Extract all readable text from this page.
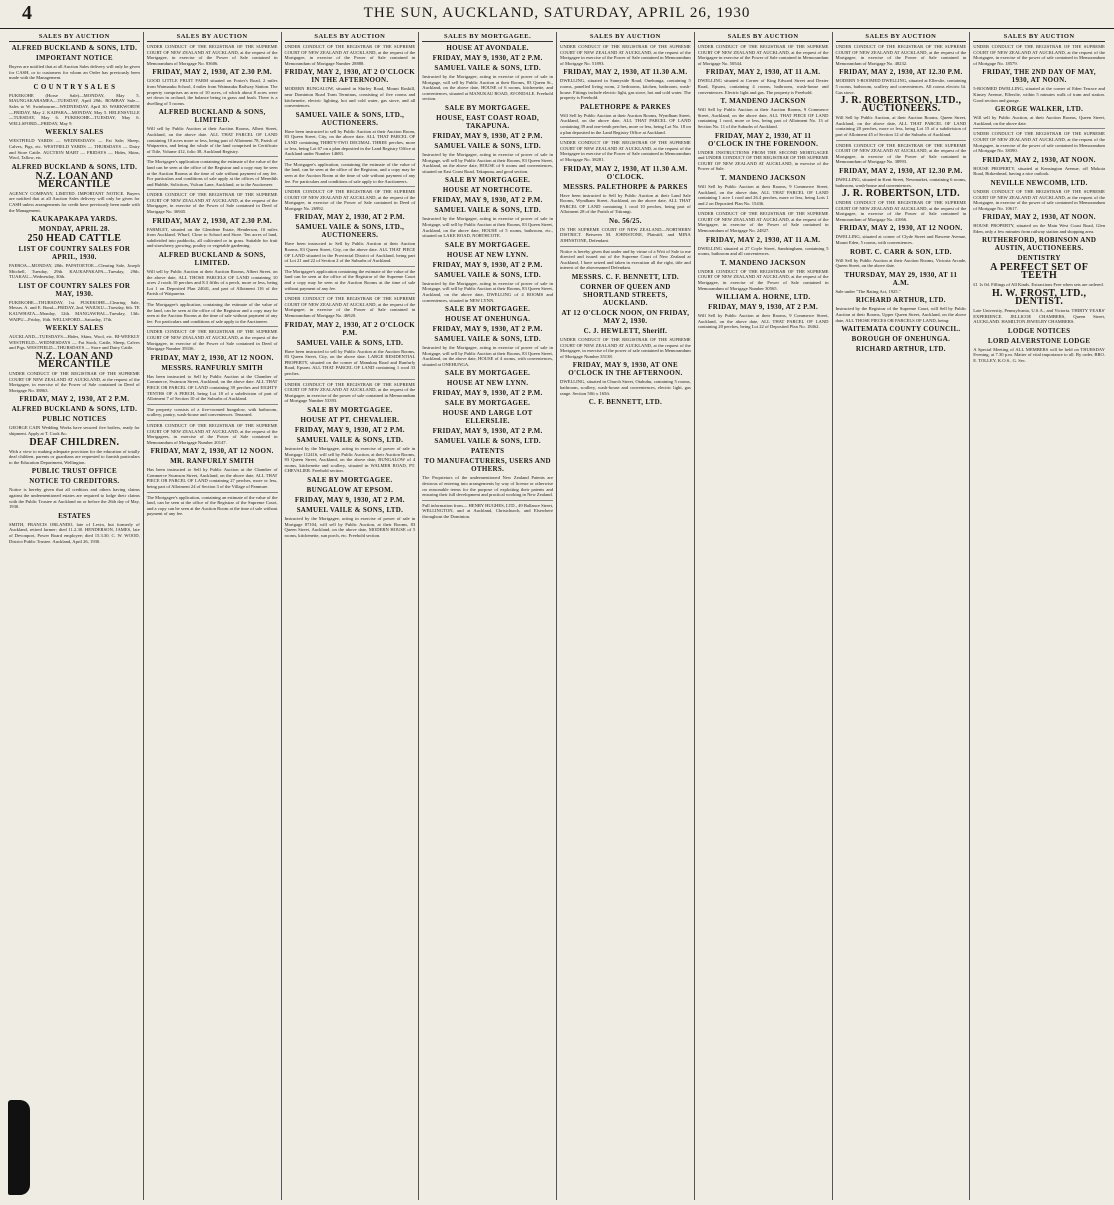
4	THE SUN, AUCKLAND, SATURDAY, APRIL 26, 1930
SALES BY AUCTION
ALFRED BUCKLAND & SONS, LTD.
IMPORTANT NOTICE
Buyers are notified that at all Auction Sales delivery will only be given for CASH, or to customers for whom an Order has previously been made with the Management.
C O U N T R Y S A L E S
PUKEKOHE (Horse Sale)—MONDAY, May 5. MAUNGAKARAMEA—TUESDAY, April 29th. BOMBAY Sale—Sales to W. Swinbourne—WEDNESDAY, April 30. WARKWORTH—FRIDAY, May 2. KAIPARA—MONDAY, May 5. HELENSVILLE—TUESDAY, May 6. PUKEKOHE—TUESDAY, May 6. WELLSFORD—FRIDAY, May 9.
WEEKLY SALES
WESTFIELD YARDS — WEDNESDAYS — Fat Sale; Sheep, Calves, Pigs, etc. WESTFIELD YARDS — THURSDAYS — Dairy and Store Cattle. AUCTION MART — FRIDAYS — Hides, Skins, Wool, Tallow, etc.
ALFRED BUCKLAND & SONS, LTD.
N.Z. LOAN AND MERCANTILE
AGENCY COMPANY, LIMITED. IMPORTANT NOTICE. Buyers are notified that at all Auction Sales delivery will only be given for CASH unless arrangements for credit have previously been made with the Management.
KAUKAPAKAPA YARDS.
MONDAY, APRIL 28.
250 HEAD CATTLE
LIST OF COUNTRY SALES FOR APRIL, 1930.
PAEROA—MONDAY, 28th. PAPATOETOE—Clearing Sale, Joseph Mitchell, Tuesday, 29th. KAUKAPAKAPA—Tuesday, 29th. TUAKAU—Wednesday, 30th.
LIST OF COUNTRY SALES FOR MAY, 1930.
PUKEKOHE—THURSDAY, 1st. PUKEKOHE—Clearing Sale, Messrs. A. and E. Bond—FRIDAY, 2nd. WAIUKU—Tuesday, 6th. TE KAUWHATA—Monday, 12th. MANGAWHAI—Tuesday, 13th. WAIPU—Friday, 16th. WELLSFORD—Saturday, 17th.
WEEKLY SALES
AUCKLAND—TUESDAYS—Hides, Skins, Wool, etc. BI-WEEKLY WESTFIELD—WEDNESDAYS — Fat Stock, Cattle, Sheep, Calves and Pigs. WESTFIELD—THURSDAYS — Store and Dairy Cattle.
N.Z. LOAN AND MERCANTILE
UNDER CONDUCT OF THE REGISTRAR OF THE SUPREME COURT OF NEW ZEALAND AT AUCKLAND, at the request of the Mortgagee, in exercise of the Power of Sale contained in Deed of Mortgage No. 38863.
FRIDAY, MAY 2, 1930, AT 2 P.M.
ALFRED BUCKLAND & SONS, LTD.
PUBLIC NOTICES
GEORGE CAIN Wedding Works have secured five boilers, ready for shipment. Apply at T. Cook &c.
DEAF CHILDREN.
With a view to making adequate provision for the education of totally deaf children, parents or guardians are requested to furnish particulars to the Education Department, Wellington.
PUBLIC TRUST OFFICE
NOTICE TO CREDITORS.
Notice is hereby given that all creditors and others having claims against the undermentioned estates are required to lodge their claims with the Public Trustee at Auckland on or before the 26th day of May, 1930.
ESTATES
SMITH, FRANCIS ORLANDO, late of Levin, but formerly of Auckland, retired farmer; died 11.2.30. HENDERSON, JAMES, late of Devonport, Power Board employee; died 15.3.30. C. W. WOOD, District Public Trustee. Auckland, April 26, 1930.
SALES BY AUCTION
UNDER CONDUCT OF THE REGISTRAR OF THE SUPREME COURT OF NEW ZEALAND AT AUCKLAND, at the request of the Mortgagee, in exercise of the Power of Sale contained in Memorandum of Mortgage No. 83606.
FRIDAY, MAY 2, 1930, AT 2.30 P.M.
GOOD LITTLE FRUIT FARM situated on Foster's Road, 2 miles from Waimauku School, 4 miles from Waimauku Railway Station. The property comprises an area of 10 acres, of which about 8 acres were set down in orchard, the balance being in grass and bush. There is a dwelling of 5 rooms.
ALFRED BUCKLAND & SONS, LIMITED.
Will sell by Public Auction at their Auction Rooms, Albert Street, Auckland, on the above date. ALL THAT PARCEL OF LAND containing 10 acres more or less, being part of Allotment 78, Parish of Waipareira, and being the whole of the land comprised in Certificate of Title, Volume 412, folio 38, Auckland Registry.
The Mortgagee's application containing the estimate of the value of the land can be seen at the office of the Registrar and a copy may be seen at the Auction Rooms at the time of sale without payment of any fee. For particulars and conditions of sale apply at the offices of Meredith and Hubble, Solicitors, Vulcan Lane, Auckland, or to the Auctioneer.
UNDER CONDUCT OF THE REGISTRAR OF THE SUPREME COURT OF NEW ZEALAND AT AUCKLAND, at the request of the Mortgagee, in exercise of the Power of Sale contained in Deed of Mortgage No. 36945.
FRIDAY, MAY 2, 1930, AT 2.30 P.M.
FARMLET, situated on the Glendene Estate, Henderson, 10 miles from Auckland. Wharf, Close to School and Store. Ten acres of land, subdivided into paddocks, all cultivated or in grass. Suitable for fruit and strawberry growing, poultry or vegetable gardening.
ALFRED BUCKLAND & SONS, LIMITED.
Will sell by Public Auction at their Auction Rooms, Albert Street, on the above date, ALL THOSE PARCELS OF LAND containing 10 acres 2 roods 10 perches and 8.3 fifths of a perch, more or less, being Lot 1 on Deposited Plan 24041, and part of Allotment 116 of the Parish of Waipareira.
The Mortgagee's application, containing the estimate of the value of the land, can be seen at the office of the Registrar and a copy may be seen at the Auction Rooms at the time of sale without payment of any fee. For particulars and conditions of sale apply to the Auctioneer.
UNDER CONDUCT OF THE REGISTRAR OF THE SUPREME COURT OF NEW ZEALAND AT AUCKLAND, at the request of the Mortgagee, in exercise of the Power of Sale contained in Deed of Mortgage Number 39336.
FRIDAY, MAY 2, 1930, AT 12 NOON.
MESSRS. RANFURLY SMITH
Has been instructed to Sell by Public Auction at the Chamber of Commerce, Swanson Street, Auckland, on the above date. ALL THAT PIECE OR PARCEL OF LAND containing 39 perches and EIGHTY TENTHS OF A PERCH, being Lot 18 of a subdivision of part of Allotment 7 of Section 10 of the Suburbs of Auckland.
The property consists of a five-roomed bungalow, with bathroom, scullery, pantry, wash-house and conveniences. Tenanted.
UNDER CONDUCT OF THE REGISTRAR OF THE SUPREME COURT OF NEW ZEALAND AT AUCKLAND, at the request of the Mortgagees, in exercise of the Power of Sale contained in Memorandum of Mortgage Number 20147.
FRIDAY, MAY 2, 1930, AT 12 NOON.
MR. RANFURLY SMITH
Has been instructed to Sell by Public Auction at the Chamber of Commerce Swanson Street, Auckland, on the above date, ALL THAT PIECE OR PARCEL OF LAND containing 27 perches, more or less, being part of Allotment 24 of Section 3 of the Village of Panmure.
The Mortgagee's application, containing an estimate of the value of the land, can be seen at the office of the Registrar of the Supreme Court, and a copy can be seen at the Auction Room at the time of sale without payment of any fee.
SALES BY AUCTION
UNDER CONDUCT OF THE REGISTRAR OF THE SUPREME COURT OF NEW ZEALAND AT AUCKLAND, at the request of the Mortgagee, in exercise of the Power of Sale contained in Memorandum of Mortgage Number 28888.
FRIDAY, MAY 2, 1930, AT 2 O'CLOCK IN THE AFTERNOON.
MODERN BUNGALOW, situated in Shirley Road, Mount Roskill, near Dominion Road Tram Terminus, consisting of five rooms and kitchenette, electric lighting, hot and cold water, gas stove, and all conveniences.
SAMUEL VAILE & SONS, LTD., AUCTIONEERS.
Have been instructed to sell by Public Auction at their Auction Room, 83 Queen Street, City, on the above date. ALL THAT PARCEL OF LAND containing THIRTY-TWO DECIMAL THREE perches, more or less, being Lot 67 on a plan deposited in the Land Registry Office at Auckland under Number 14683.
The Mortgagee's application, containing the estimate of the value of the land, can be seen at the office of the Registrar, and a copy may be seen at the Auction Room at the time of sale without payment of any fee. For particulars and conditions of sale apply to the Auctioneers.
UNDER CONDUCT OF THE REGISTRAR OF THE SUPREME COURT OF NEW ZEALAND AT AUCKLAND, at the request of the Mortgagee, in exercise of the Power of Sale contained in Deed of Mortgage No. 26992.
FRIDAY, MAY 2, 1930, AT 2 P.M.
SAMUEL VAILE & SONS, LTD., AUCTIONEERS.
Have been instructed to Sell by Public Auction at their Auction Rooms, 83 Queen Street, City, on the above date. ALL THAT PIECE OF LAND situated in the Provincial District of Auckland, being part of Lot 21 and 22 of Section 2 of the Suburbs of Auckland.
The Mortgagee's application containing the estimate of the value of the land can be seen at the office of the Registrar of the Supreme Court and a copy may be seen at the Auction Rooms at the time of sale without payment of any fee.
UNDER CONDUCT OF THE REGISTRAR OF THE SUPREME COURT OF NEW ZEALAND AT AUCKLAND, at the request of the Mortgagee, in exercise of the Power of Sale contained in Memorandum of Mortgage No. 46920.
FRIDAY, MAY 2, 1930, AT 2 O'CLOCK P.M.
SAMUEL VAILE & SONS, LTD.
Have been instructed to sell by Public Auction at the Auction Rooms, 83 Queen Street, City, on the above date. LARGE RESIDENTIAL PROPERTY, situated on the corner of Manukau Road and Ranfurly Road, Epsom. ALL THAT PARCEL OF LAND containing 1 rood 33 perches.
UNDER CONDUCT OF THE REGISTRAR OF THE SUPREME COURT OF NEW ZEALAND AT AUCKLAND, at the request of the Mortgagee, in exercise of the power of sale contained in Memorandum of Mortgage Number 53393.
SALE BY MORTGAGEE.
HOUSE AT PT. CHEVALIER.
FRIDAY, MAY 9, 1930, AT 2 P.M.
SAMUEL VAILE & SONS, LTD.
Instructed by the Mortgagee, acting in exercise of power of sale in Mortgage 112416, will sell by Public Auction, at their Auction Rooms, 83 Queen Street, Auckland, on the above date, BUNGALOW of 4 rooms, kitchenette and scullery, situated in WALMER ROAD, PT. CHEVALIER. Freehold section.
SALE BY MORTGAGEE.
BUNGALOW AT EPSOM.
FRIDAY, MAY 9, 1930, AT 2 P.M.
SAMUEL VAILE & SONS, LTD.
Instructed by the Mortgagee, acting in exercise of power of sale in Mortgage 87104, will sell by Public Auction, at their Rooms, 83 Queen Street, Auckland, on the above date, MODERN HOUSE of 5 rooms, kitchenette, sun porch, etc. Freehold section.
SALES BY MORTGAGEE.
HOUSE AT AVONDALE.
FRIDAY, MAY 9, 1930, AT 2 P.M.
SAMUEL VAILE & SONS, LTD.
Instructed by the Mortgagee, acting in exercise of power of sale in Mortgage, will sell by Public Auction at their Rooms, 83 Queen St., Auckland, on the above date, HOUSE of 6 rooms, kitchenette, and conveniences, situated at MANUKAU ROAD, AVONDALE. Freehold section.
SALE BY MORTGAGEE.
HOUSE, EAST COAST ROAD, TAKAPUNA.
FRIDAY, MAY 9, 1930, AT 2 P.M.
SAMUEL VAILE & SONS, LTD.
Instructed by the Mortgagee, acting in exercise of power of sale in Mortgage, will sell by Public Auction at their Rooms, 83 Queen Street, Auckland, on the above date, HOUSE of 6 rooms and conveniences, situated on East Coast Road, Takapuna, and good section.
SALE BY MORTGAGEE.
HOUSE AT NORTHCOTE.
FRIDAY, MAY 9, 1930, AT 2 P.M.
SAMUEL VAILE & SONS, LTD.
Instructed by the Mortgagee, acting in exercise of power of sale in Mortgage, will sell by Public Auction at their Rooms, 83 Queen Street, Auckland, on the above date, HOUSE of 5 rooms, bathroom, etc., situated on LAKE ROAD, NORTHCOTE.
SALE BY MORTGAGEE.
HOUSE AT NEW LYNN.
FRIDAY, MAY 9, 1930, AT 2 P.M.
SAMUEL VAILE & SONS, LTD.
Instructed by the Mortgagee, acting in exercise of power of sale in Mortgage, will sell by Public Auction at their Rooms, 83 Queen Street, Auckland, on the above date, DWELLING of 4 ROOMS and conveniences, situated in NEW LYNN.
SALE BY MORTGAGEE.
HOUSE AT ONEHUNGA.
FRIDAY, MAY 9, 1930, AT 2 P.M.
SAMUEL VAILE & SONS, LTD.
Instructed by the Mortgagee, acting in exercise of power of sale in Mortgage, will sell by Public Auction at their Rooms, 83 Queen Street, Auckland, on the above date, HOUSE of 4 rooms, with conveniences, situated at ONEHUNGA.
SALE BY MORTGAGEE.
HOUSE AT NEW LYNN.
FRIDAY, MAY 9, 1930, AT 2 P.M.
SALE BY MORTGAGEE.
HOUSE AND LARGE LOT ELLERSLIE.
FRIDAY, MAY 9, 1930, AT 2 P.M.
SAMUEL VAILE & SONS, LTD.
PATENTS
TO MANUFACTURERS, USERS AND OTHERS.
The Proprietors of the undermentioned New Zealand Patents are desirous of entering into arrangements by way of license or otherwise on reasonable terms for the purpose of exploiting their patents and ensuring their full development and practical working in New Zealand.
Full information from— HENRY HUGHES, LTD., 49 Ballance Street, WELLINGTON, and at Auckland, Christchurch, and Elsewhere throughout the Dominion.
SALES BY AUCTION
UNDER CONDUCT OF THE REGISTRAR OF THE SUPREME COURT OF NEW ZEALAND AT AUCKLAND, at the request of the Mortgagee in exercise of the Power of Sale contained in Memorandum of Mortgage No. 51893.
FRIDAY, MAY 2, 1930, AT 11.30 A.M.
DWELLING, situated in Sunnyside Road, Onehunga, containing 5 rooms, panelled living room, 2 bedrooms, kitchen, bathroom, wash-house. Fittings include electric light, gas stove, hot and cold water. The property is Freehold.
PALETHORPE & PARKES
Will Sell by Public Auction at their Auction Rooms, Wyndham Street, Auckland, on the above date, ALL THAT PARCEL OF LAND containing 39 and one-tenth perches, more or less, being Lot No. 18 on a plan deposited in the Land Registry Office at Auckland.
UNDER CONDUCT OF THE REGISTRAR OF THE SUPREME COURT OF NEW ZEALAND AT AUCKLAND, at the request of the Mortgagee in exercise of the Power of Sale contained in Memorandum of Mortgage No. 38281.
FRIDAY, MAY 2, 1930, AT 11.30 A.M. O'CLOCK.
MESSRS. PALETHORPE & PARKES
Have been instructed to Sell by Public Auction at their Land Sale Rooms, Wyndham Street, Auckland, on the above date, ALL THAT PARCEL OF LAND containing 1 rood 10 perches, being part of Allotment 28 of the Parish of Titirangi.
No. 56/25.
IN THE SUPREME COURT OF NEW ZEALAND—NORTHERN DISTRICT. Between M. JOHNSTONE, Plaintiff, and MINA JOHNSTONE, Defendant.
Notice is hereby given that under and by virtue of a Writ of Sale to me directed and issued out of the Supreme Court of New Zealand at Auckland, I have seized and taken in execution all the right, title and interest of the abovenamed Defendant.
MESSRS. C. F. BENNETT, LTD.
CORNER OF QUEEN AND SHORTLAND STREETS, AUCKLAND.
AT 12 O'CLOCK NOON, ON FRIDAY, MAY 2, 1930.
C. J. HEWLETT, Sheriff.
UNDER CONDUCT OF THE REGISTRAR OF THE SUPREME COURT OF NEW ZEALAND AT AUCKLAND, at the request of the Mortgagee, in exercise of the power of sale contained in Memorandum of Mortgage Number 35138.
FRIDAY, MAY 9, 1930, AT ONE O'CLOCK IN THE AFTERNOON.
DWELLING, situated in Church Street, Otahuhu, containing 5 rooms, bathroom, scullery, wash-house and conveniences, electric light, gas range. Section 50ft x 165ft.
C. F. BENNETT, LTD.
SALES BY AUCTION
UNDER CONDUCT OF THE REGISTRAR OF THE SUPREME COURT OF NEW ZEALAND AT AUCKLAND, at the request of the Mortgagee in exercise of the Power of Sale contained in Memorandum of Mortgage No. 50544.
FRIDAY, MAY 2, 1930, AT 11 A.M.
DWELLING situated at Corner of King Edward Street and Dexter Road, Epsom, containing 4 rooms, bathroom, wash-house and conveniences. Electric light and gas. The property is Freehold.
T. MANDENO JACKSON
Will Sell by Public Auction at their Auction Rooms, 9 Commerce Street, Auckland, on the above date, ALL THAT PIECE OF LAND containing 1 rood, more or less, being part of Allotment No. 13 of Section No. 11 of the Suburbs of Auckland.
FRIDAY, MAY 2, 1930, AT 11 O'CLOCK IN THE FORENOON.
UNDER INSTRUCTIONS FROM THE SECOND MORTGAGEE and UNDER CONDUCT OF THE REGISTRAR OF THE SUPREME COURT OF NEW ZEALAND AT AUCKLAND, in exercise of the Power of Sale.
T. MANDENO JACKSON
Will Sell by Public Auction at their Rooms, 9 Commerce Street, Auckland, on the above date, ALL THAT PARCEL OF LAND containing 1 acre 1 rood and 26.4 perches, more or less, being Lots 1 and 2 on Deposited Plan No. 15436.
UNDER CONDUCT OF THE REGISTRAR OF THE SUPREME COURT OF NEW ZEALAND AT AUCKLAND, at the request of the Mortgagee, in exercise of the Power of Sale contained in Memorandum of Mortgage No. 24827.
FRIDAY, MAY 2, 1930, AT 11 A.M.
DWELLING situated at 27 Coyle Street, Sandringham, containing 5 rooms, bathroom and all conveniences.
T. MANDENO JACKSON
UNDER CONDUCT OF THE REGISTRAR OF THE SUPREME COURT OF NEW ZEALAND AT AUCKLAND, at the request of the Mortgagee, in exercise of the Power of Sale contained in Memorandum of Mortgage Number 30565.
WILLIAM A. HORNE, LTD.
FRIDAY, MAY 9, 1930, AT 2 P.M.
Will Sell by Public Auction at their Rooms, 9 Commerce Street, Auckland, on the above date, ALL THAT PARCEL OF LAND containing 20 perches, being Lot 22 of Deposited Plan No. 18462.
SALES BY AUCTION
UNDER CONDUCT OF THE REGISTRAR OF THE SUPREME COURT OF NEW ZEALAND AT AUCKLAND, at the request of the Mortgagee, in exercise of the Power of Sale contained in Memorandum of Mortgage No. 48232.
FRIDAY, MAY 2, 1930, AT 12.30 P.M.
MODERN 5-ROOMED DWELLING, situated at Ellerslie, containing 5 rooms, bathroom, scullery and conveniences. All rooms electric lit. Gas stove.
J. R. ROBERTSON, LTD., AUCTIONEERS.
Will Sell by Public Auction, at their Auction Rooms, Queen Street, Auckland, on the above date, ALL THAT PARCEL OF LAND containing 20 perches, more or less, being Lot 15 of a subdivision of part of Allotment 45 of Section 12 of the Suburbs of Auckland.
UNDER CONDUCT OF THE REGISTRAR OF THE SUPREME COURT OF NEW ZEALAND AT AUCKLAND, at the request of the Mortgagee, in exercise of the Power of Sale contained in Memorandum of Mortgage No. 38993.
FRIDAY, MAY 2, 1930, AT 12.30 P.M.
DWELLING, situated in Kent Street, Newmarket, containing 6 rooms, bathroom, wash-house and conveniences.
J. R. ROBERTSON, LTD.
UNDER CONDUCT OF THE REGISTRAR OF THE SUPREME COURT OF NEW ZEALAND AT AUCKLAND, at the request of the Mortgagee, in exercise of the Power of Sale contained in Memorandum of Mortgage No. 41066.
FRIDAY, MAY 2, 1930, AT 12 NOON.
DWELLING, situated at corner of Clyde Street and Rawene Avenue, Mount Eden, 5 rooms, with conveniences.
ROBT. C. CARR & SON, LTD.
Will Sell by Public Auction at their Auction Rooms, Victoria Arcade, Queen Street, on the above date.
THURSDAY, MAY 29, 1930, AT 11 A.M.
Sale under "The Rating Act, 1925."
RICHARD ARTHUR, LTD.
Instructed by the Registrar of the Supreme Court, will Sell by Public Auction at their Rooms, Upper Queen Street, Auckland, on the above date, ALL THOSE PIECES OR PARCELS OF LAND, being:
WAITEMATA COUNTY COUNCIL.
BOROUGH OF ONEHUNGA.
RICHARD ARTHUR, LTD.
SALES BY AUCTION
UNDER CONDUCT OF THE REGISTRAR OF THE SUPREME COURT OF NEW ZEALAND AT AUCKLAND, at the request of the Mortgagee, in exercise of the power of sale contained in Memorandum of Mortgage No. 18579.
FRIDAY, THE 2ND DAY OF MAY, 1930, AT NOON.
5-ROOMED DWELLING, situated at the corner of Eden Terrace and Kinsey Avenue, Ellerslie, within 5 minutes walk of tram and station. Good section and garage.
GEORGE WALKER, LTD.
Will sell by Public Auction, at their Auction Rooms, Queen Street, Auckland, on the above date.
UNDER CONDUCT OF THE REGISTRAR OF THE SUPREME COURT OF NEW ZEALAND AT AUCKLAND, at the request of the Mortgagee, in exercise of the power of sale contained in Memorandum of Mortgage No. 38390.
FRIDAY, MAY 2, 1930, AT NOON.
HOUSE PROPERTY, situated at Kensington Avenue, off Mokoia Road, Birkenhead, having a nice outlook.
NEVILLE NEWCOMB, LTD.
UNDER CONDUCT OF THE REGISTRAR OF THE SUPREME COURT OF NEW ZEALAND AT AUCKLAND, at the request of the Mortgagee, in exercise of the power of sale contained in Memorandum of Mortgage No. 10617.
FRIDAY, MAY 2, 1930, AT NOON.
HOUSE PROPERTY, situated on the Main West Coast Road, Glen Eden, only a few minutes from railway station and shopping area.
RUTHERFORD, ROBINSON AND AUSTIN, AUCTIONEERS.
DENTISTRY
A PERFECT SET OF TEETH
£1 1s 0d. Fillings of All Kinds. Extractions Free when sets are ordered.
H. W. FROST, LTD., DENTIST.
Late University, Pennsylvania, U.S.A., and Victoria. THIRTY YEARS' EXPERIENCE. JELLICOE CHAMBERS, Queen Street, AUCKLAND. HAMILTON JEWELRY CHAMBERS.
LODGE NOTICES
LORD ALVERSTONE LODGE
A Special Meeting of ALL MEMBERS will be held on THURSDAY Evening, at 7.30 p.m. Matter of vital importance to all. By order, BRO. E. TOLLEY, K.O.S., G. Sec.
